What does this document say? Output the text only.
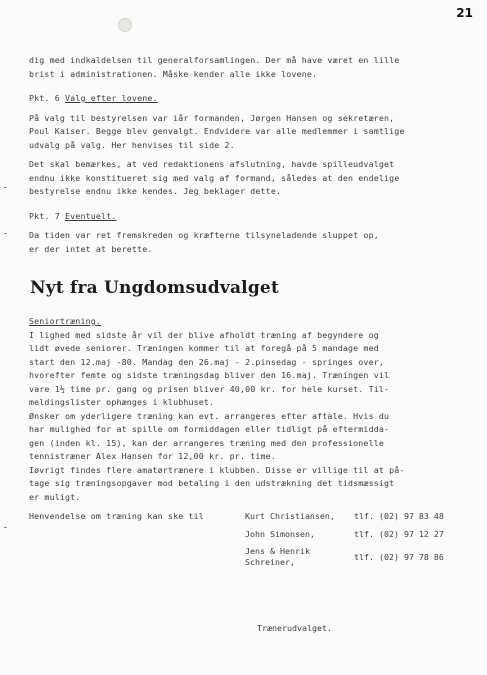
21
dig med indkaldelsen til generalforsamlingen. Der må have været en lille
brist i administrationen. Måske kender alle ikke lovene.
Pkt. 6 Valg efter lovene.
På valg til bestyrelsen var iår formanden, Jørgen Hansen og sekretæren,
Poul Kaiser. Begge blev genvalgt. Endvidere var alle medlemmer i samtlige
udvalg på valg. Her henvises til side 2.
Det skal bemærkes, at ved redaktionens afslutning, havde spilleudvalget
endnu ikke konstitueret sig med valg af formand, således at den endelige
bestyrelse endnu ikke kendes. Jeg beklager dette.
Pkt. 7 Eventuelt.
Da tiden var ret fremskreden og kræfterne tilsyneladende sluppet op,
er der intet at berette.
Nyt fra Ungdomsudvalget
Seniortræning.
I lighed med sidste år vil der blive afholdt træning af begyndere og
lidt øvede seniorer. Træningen kommer til at foregå på 5 mandage med
start den 12.maj -80. Mandag den 26.maj - 2.pinsedag - springes over,
hvorefter femte og sidste træningsdag bliver den 16.maj. Træningen vil
vare 1½ time pr. gang og prisen bliver 40,00 kr. for hele kurset. Til-
meldingslister ophænges i klubhuset.
Ønsker om yderligere træning kan evt. arrangeres efter aftale. Hvis du
har mulighed for at spille om formiddagen eller tidligt på eftermidda-
gen (inden kl. 15), kan der arrangeres træning med den professionelle
tennistræner Alex Hansen for 12,00 kr. pr. time.
Iøvrigt findes flere amatørtrænere i klubben. Disse er villige til at på-
tage sig træningsopgaver mod betaling i den udstrækning det tidsmæssigt
er muligt.
Henvendelse om træning kan ske til	Kurt Christiansen, tlf. (02) 97 83 48
John Simonsen,	tlf. (02) 97 12 27
Jens & Henrik
Schreiner,	tlf. (02) 97 78 86
Trænerudvalget.
